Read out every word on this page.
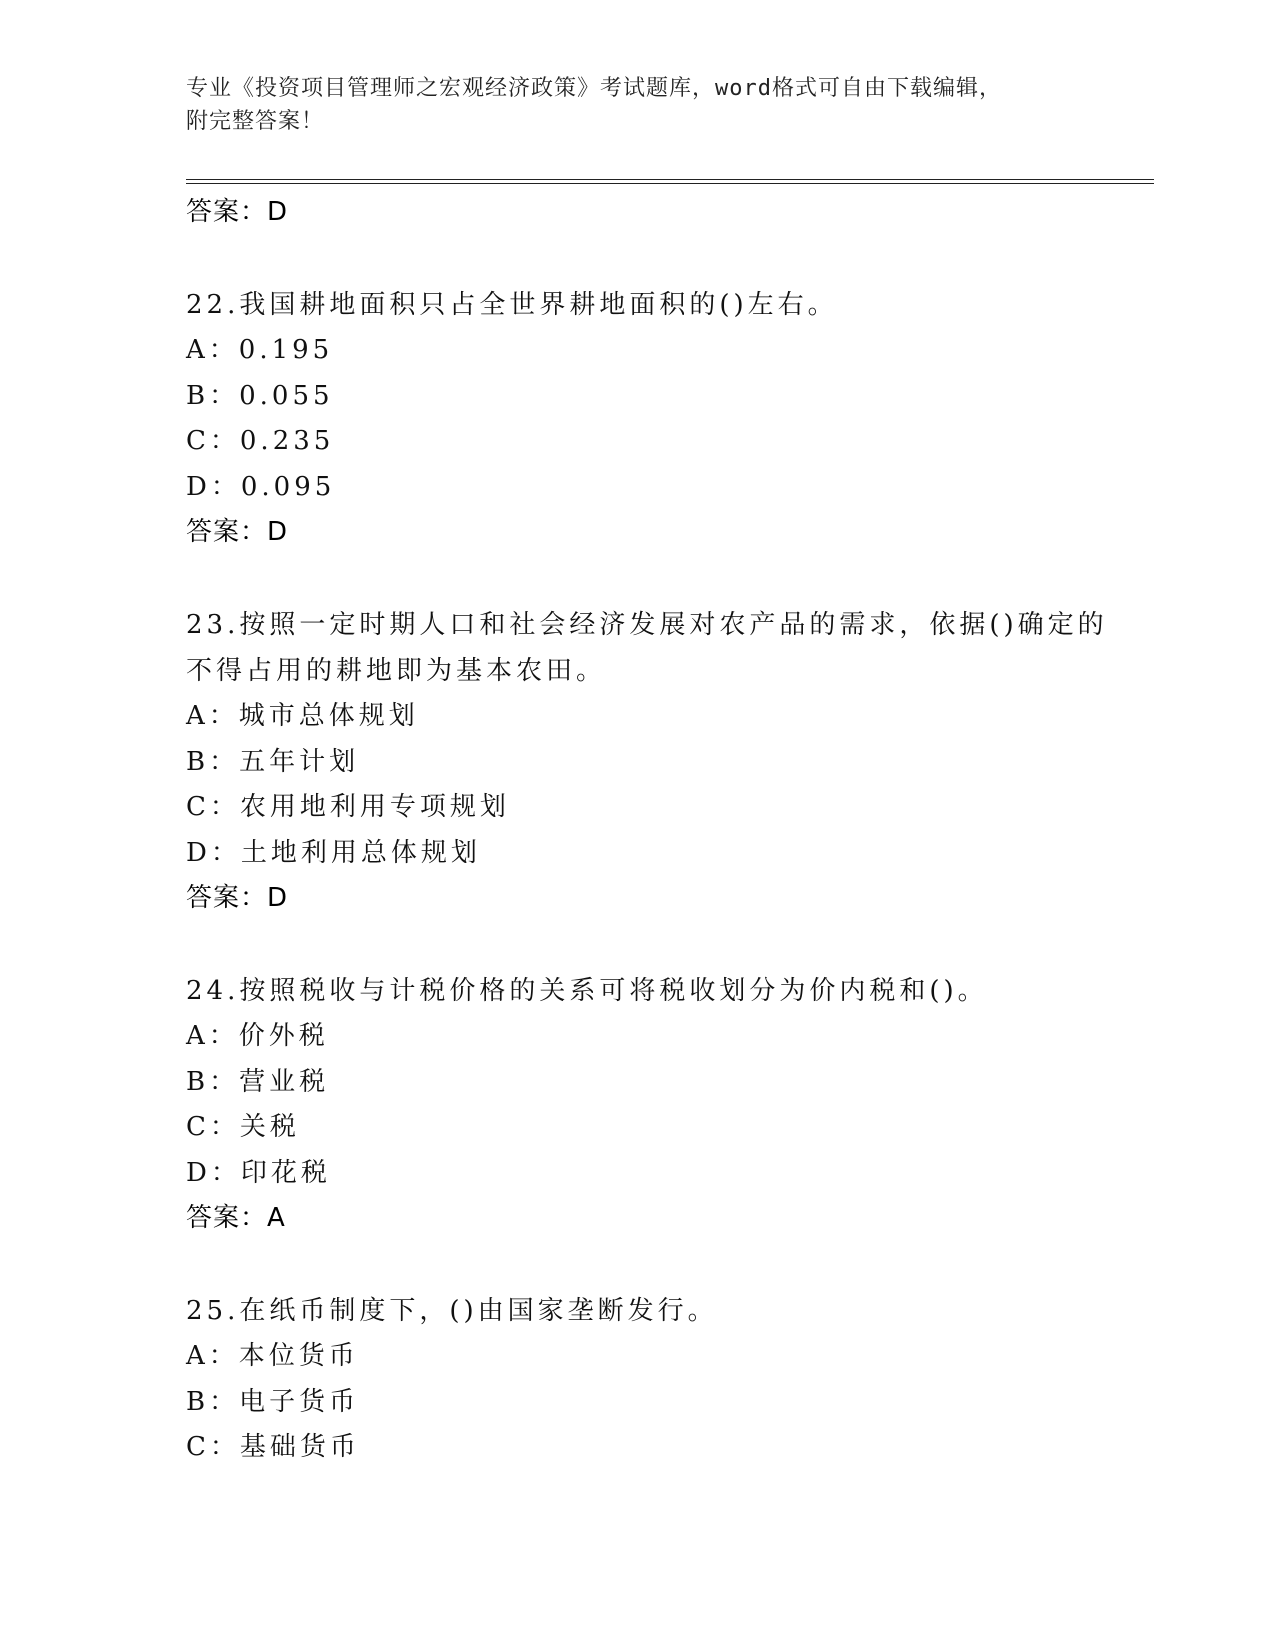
专业《投资项目管理师之宏观经济政策》考试题库，word格式可自由下载编辑，
附完整答案！
答案：D
22.我国耕地面积只占全世界耕地面积的()左右。
A：0.195
B：0.055
C：0.235
D：0.095
答案：D
23.按照一定时期人口和社会经济发展对农产品的需求，依据()确定的
不得占用的耕地即为基本农田。
A：城市总体规划
B：五年计划
C：农用地利用专项规划
D：土地利用总体规划
答案：D
24.按照税收与计税价格的关系可将税收划分为价内税和()。
A：价外税
B：营业税
C：关税
D：印花税
答案：A
25.在纸币制度下，()由国家垄断发行。
A：本位货币
B：电子货币
C：基础货币
